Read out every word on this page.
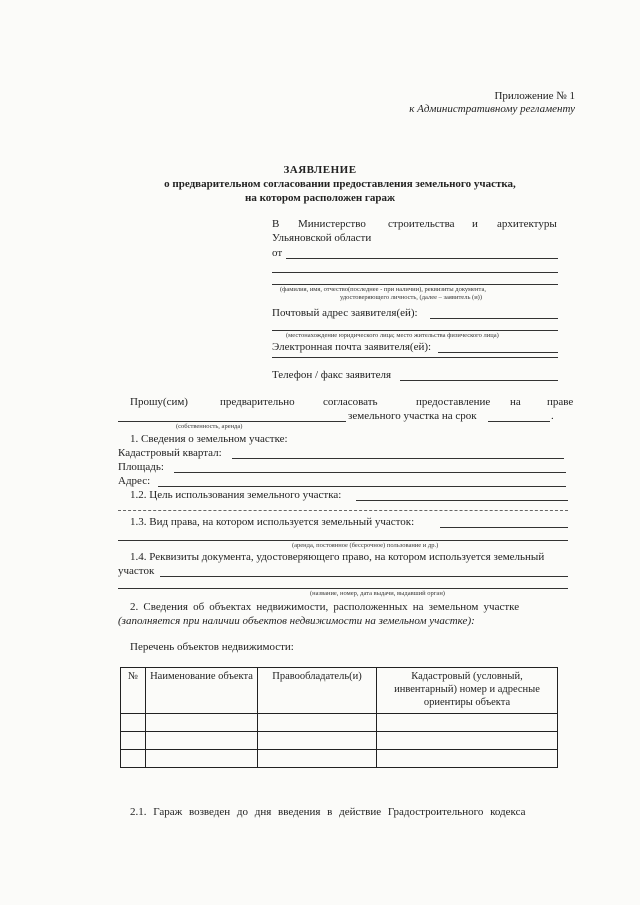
Приложение № 1
к Административному регламенту
ЗАЯВЛЕНИЕ
о предварительном согласовании предоставления земельного участка,
на котором расположен гараж
В Министерство строительства и архитектуры
Ульяновской области
от
(фамилия, имя, отчество(последнее - при наличии), реквизиты документа,
удостоверяющего личность, (далее – заявитель (и))
Почтовый адрес заявителя(ей):
(местонахождение юридического лица; место жительства физического лица)
Электронная почта заявителя(ей):
Телефон / факс заявителя
Прошу(сим)	предварительно	согласовать	предоставление на праве
земельного участка на срок	.
(собственность, аренда)
1. Сведения о земельном участке:
Кадастровый квартал:
Площадь:
Адрес:
1.2. Цель использования земельного участка:
1.3. Вид права, на котором используется земельный участок:
(аренда, постоянное (бессрочное) пользование и др.)
1.4. Реквизиты документа, удостоверяющего право, на котором используется земельный
участок
(название, номер, дата выдачи, выдавший орган)
2. Сведения об объектах недвижимости, расположенных на земельном участке
(заполняется при наличии объектов недвижимости на земельном участке):
Перечень объектов недвижимости:
№	Наименование объекта	Правообладатель(и)	Кадастровый (условный, инвентарный) номер и адресные ориентиры объекта

2.1. Гараж возведен до дня введения в действие Градостроительного кодекса
